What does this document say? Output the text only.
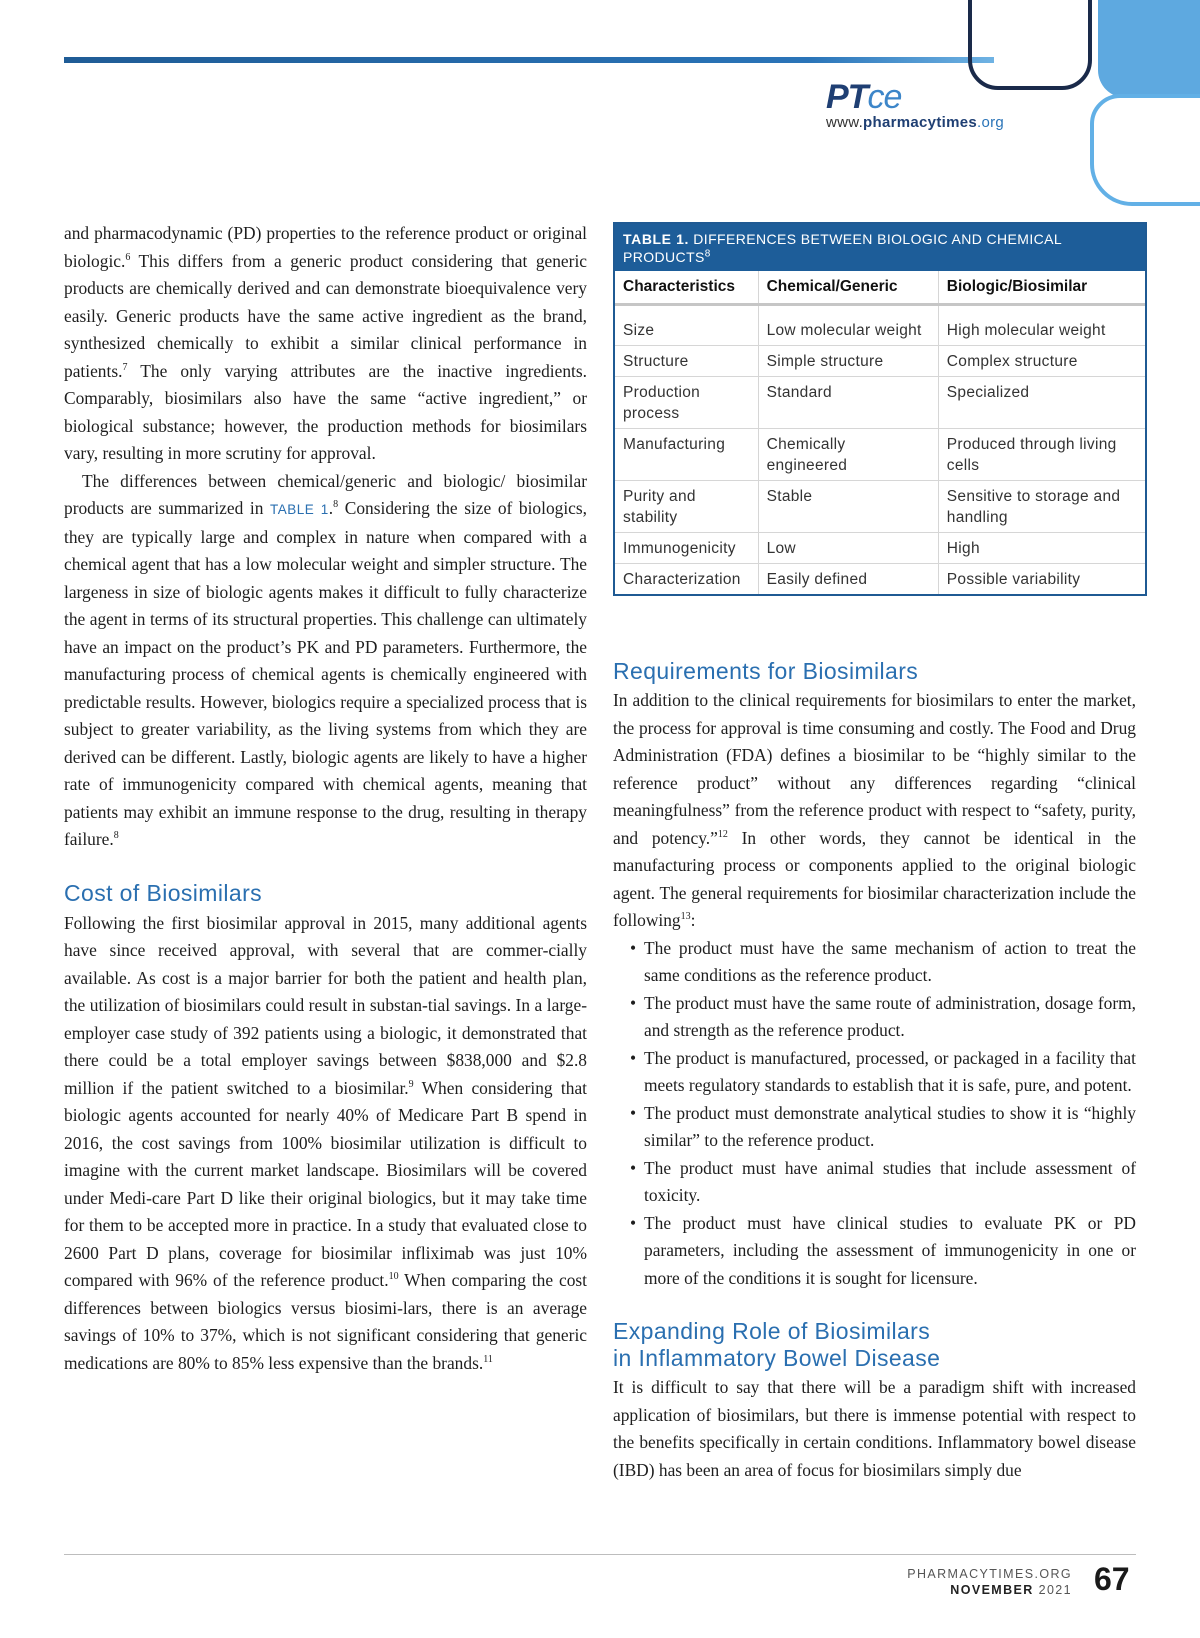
PTce
www.pharmacytimes.org

and pharmacodynamic (PD) properties to the reference product or original biologic.$^6$ This differs from a generic product considering that generic products are chemically derived and can demonstrate bioequivalence very easily. Generic products have the same active ingredient as the brand, synthesized chemically to exhibit a similar clinical performance in patients.$^7$ The only varying attributes are the inactive ingredients. Comparably, biosimilars also have the same “active ingredient,” or biological substance; however, the production methods for biosimilars vary, resulting in more scrutiny for approval.

The differences between chemical/generic and biologic/ biosimilar products are summarized in TABLE 1.$^8$ Considering the size of biologics, they are typically large and complex in nature when compared with a chemical agent that has a low molecular weight and simpler structure. The largeness in size of biologic agents makes it difficult to fully characterize the agent in terms of its structural properties. This challenge can ultimately have an impact on the product’s PK and PD parameters. Furthermore, the manufacturing process of chemical agents is chemically engineered with predictable results. However, biologics require a specialized process that is subject to greater variability, as the living systems from which they are derived can be different. Lastly, biologic agents are likely to have a higher rate of immunogenicity compared with chemical agents, meaning that patients may exhibit an immune response to the drug, resulting in therapy failure.$^8$

Cost of Biosimilars

Following the first biosimilar approval in 2015, many additional agents have since received approval, with several that are commer-cially available. As cost is a major barrier for both the patient and health plan, the utilization of biosimilars could result in substan-tial savings. In a large-employer case study of 392 patients using a biologic, it demonstrated that there could be a total employer savings between $838,000 and $2.8 million if the patient switched to a biosimilar.$^9$ When considering that biologic agents accounted for nearly 40% of Medicare Part B spend in 2016, the cost savings from 100% biosimilar utilization is difficult to imagine with the current market landscape. Biosimilars will be covered under Medi-care Part D like their original biologics, but it may take time for them to be accepted more in practice. In a study that evaluated close to 2600 Part D plans, coverage for biosimilar infliximab was just 10% compared with 96% of the reference product.$^{10}$ When comparing the cost differences between biologics versus biosimi-lars, there is an average savings of 10% to 37%, which is not significant considering that generic medications are 80% to 85% less expensive than the brands.$^{11}$

TABLE 1. DIFFERENCES BETWEEN BIOLOGIC AND CHEMICAL PRODUCTS$^8$
Characteristics	Chemical/Generic	Biologic/Biosimilar
Size	Low molecular weight	High molecular weight
Structure	Simple structure	Complex structure
Production process	Standard	Specialized
Manufacturing	Chemically engineered	Produced through living cells
Purity and stability	Stable	Sensitive to storage and handling
Immunogenicity	Low	High
Characterization	Easily defined	Possible variability
Requirements for Biosimilars

In addition to the clinical requirements for biosimilars to enter the market, the process for approval is time consuming and costly. The Food and Drug Administration (FDA) defines a biosimilar to be “highly similar to the reference product” without any differences regarding “clinical meaningfulness” from the reference product with respect to “safety, purity, and potency.”$^{12}$ In other words, they cannot be identical in the manufacturing process or components applied to the original biologic agent. The general requirements for biosimilar characterization include the following$^{13}$:

• The product must have the same mechanism of action to treat the same conditions as the reference product.
• The product must have the same route of administration, dosage form, and strength as the reference product.
• The product is manufactured, processed, or packaged in a facility that meets regulatory standards to establish that it is safe, pure, and potent.
• The product must demonstrate analytical studies to show it is “highly similar” to the reference product.
• The product must have animal studies that include assessment of toxicity.
• The product must have clinical studies to evaluate PK or PD parameters, including the assessment of immunogenicity in one or more of the conditions it is sought for licensure.
Expanding Role of Biosimilars
in Inflammatory Bowel Disease

It is difficult to say that there will be a paradigm shift with increased application of biosimilars, but there is immense potential with respect to the benefits specifically in certain conditions. Inflammatory bowel disease (IBD) has been an area of focus for biosimilars simply due

PHARMACYTIMES.ORG
NOVEMBER 2021 67
